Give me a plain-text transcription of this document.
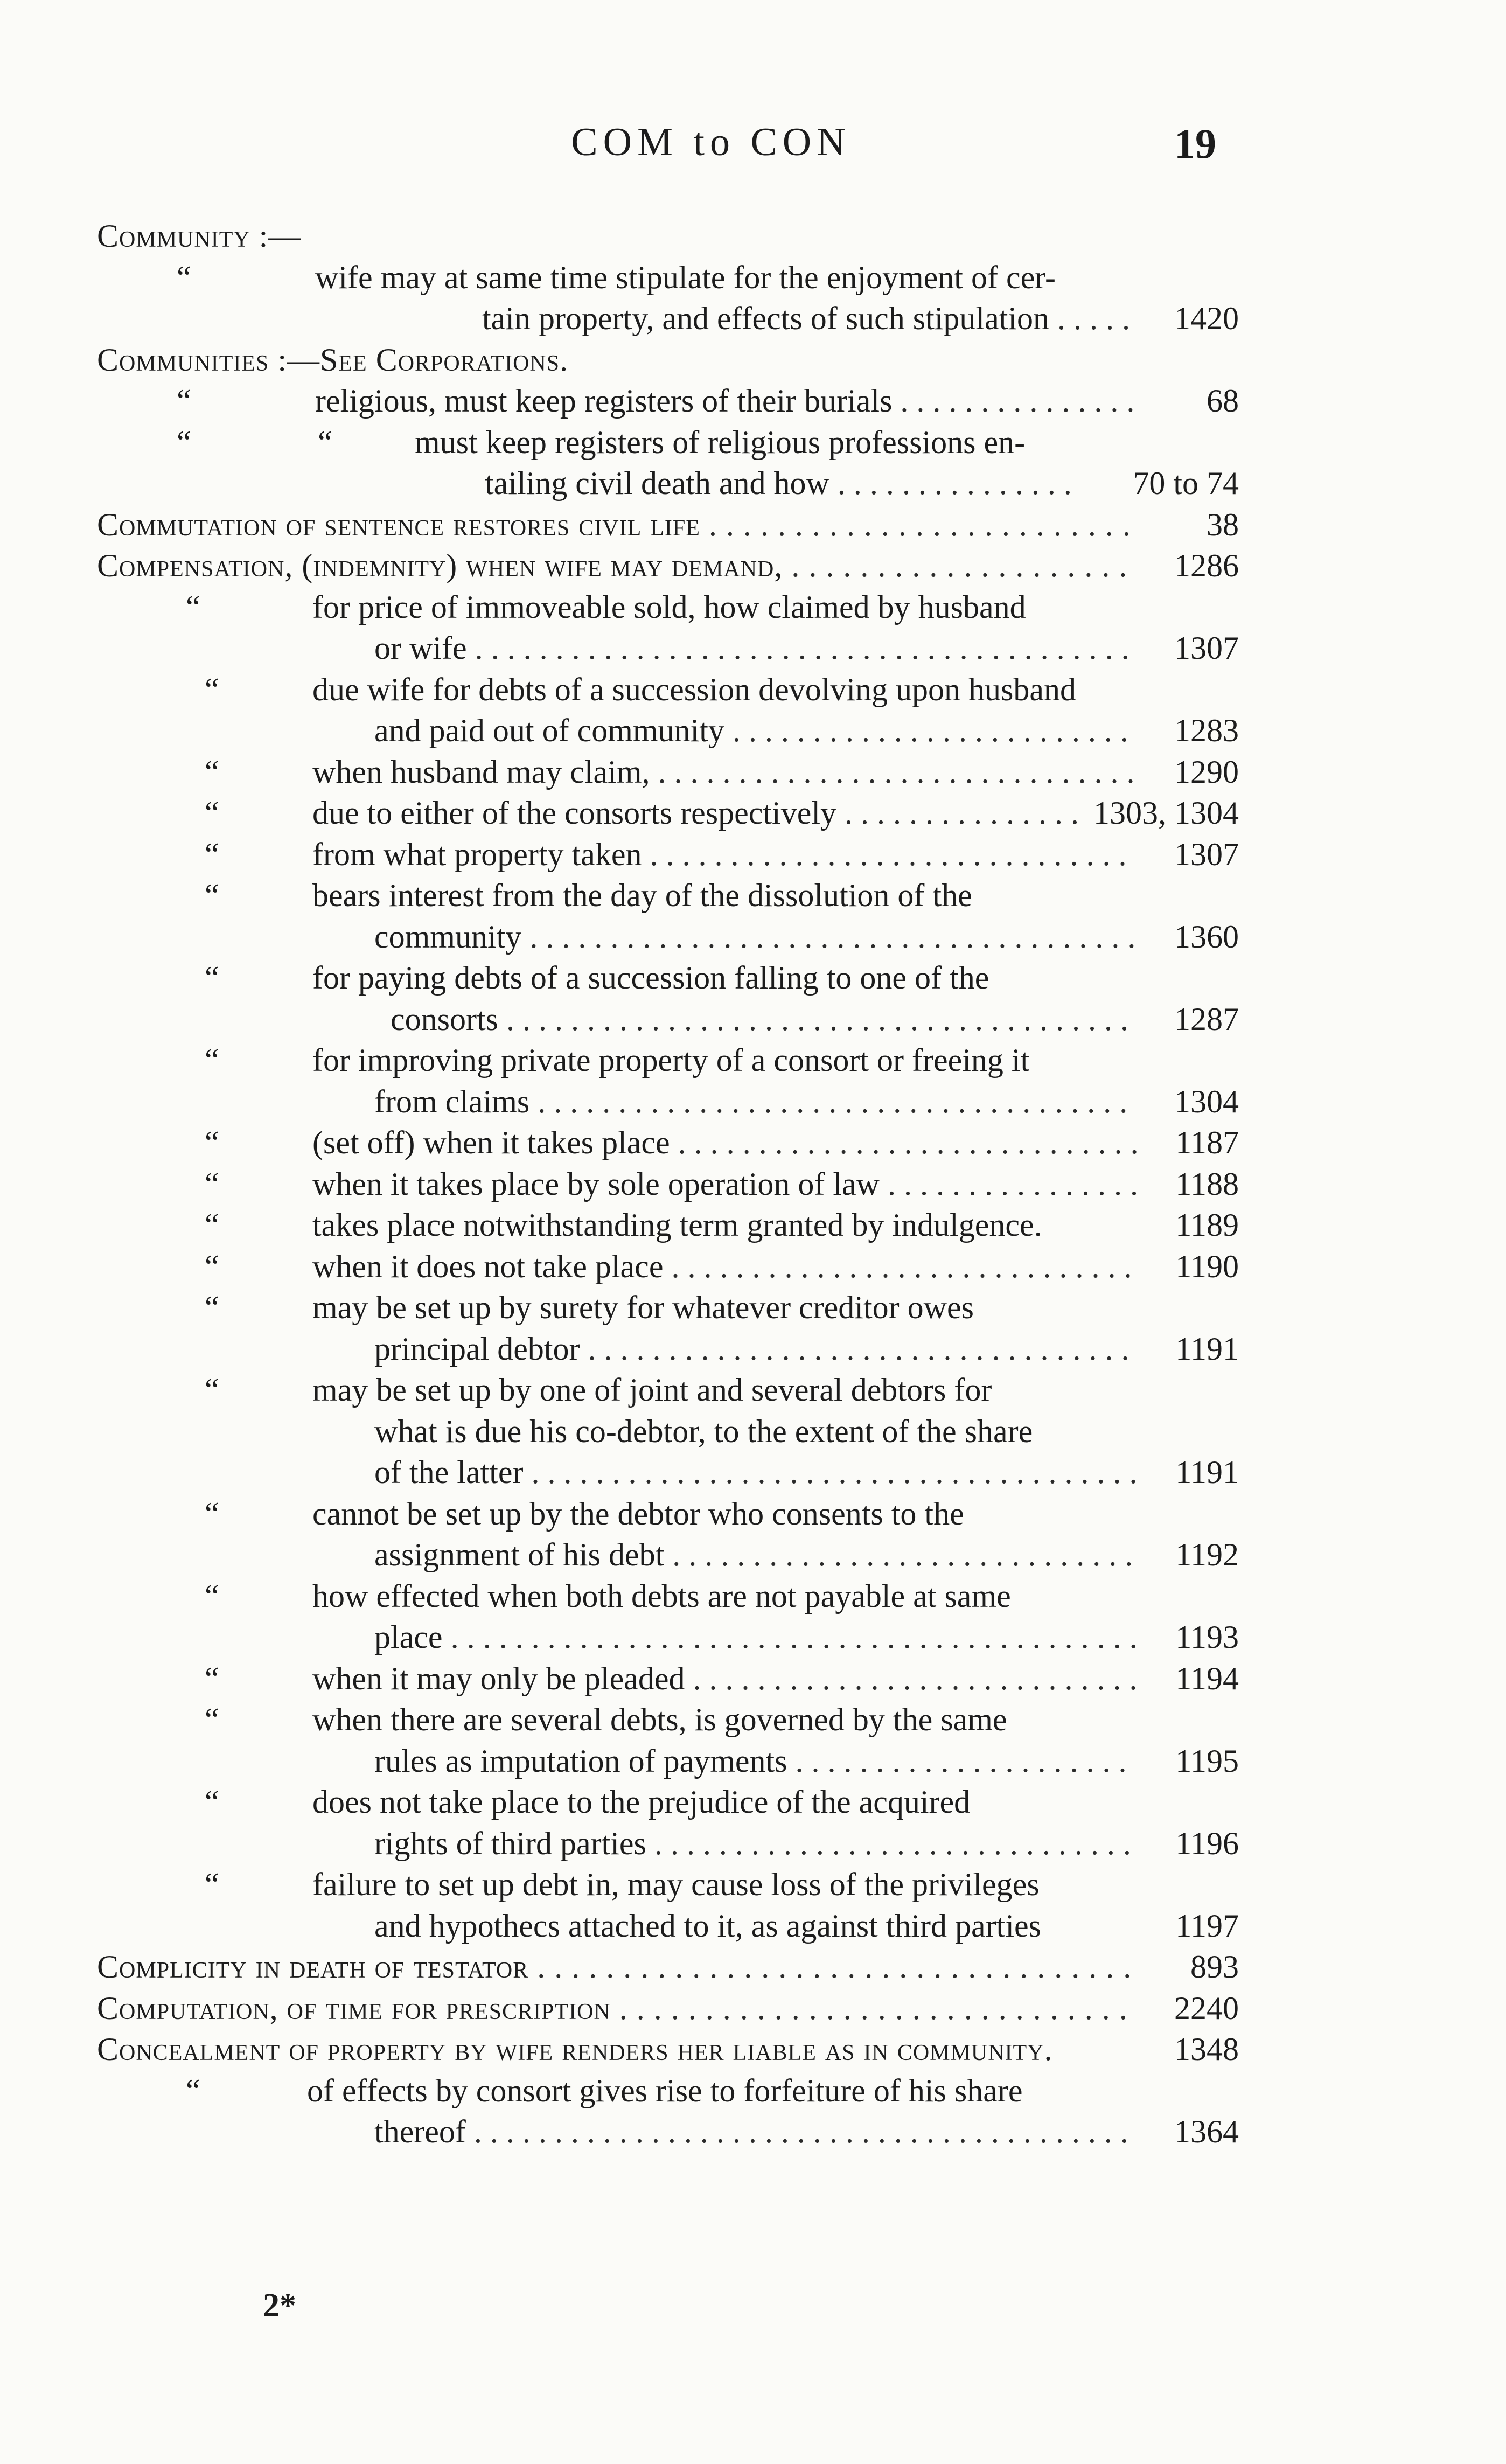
COM to CON	19
Community :—
“	wife may at same time stipulate for the enjoyment of cer-
tain property, and effects of such stipulation . . .	1420
Communities :—See Corporations.
“	religious, must keep registers of their burials . . .	68
“	“	must keep registers of religious professions en-
tailing civil death and how . . .	70 to 74
Commutation of sentence restores civil life . . .	38
Compensation, (indemnity) when wife may demand, . . .	1286
“	for price of immoveable sold, how claimed by husband
or wife . . .	1307
“	due wife for debts of a succession devolving upon husband
and paid out of community . . .	1283
“	when husband may claim, . . .	1290
“	due to either of the consorts respectively . . .	1303, 1304
“	from what property taken . . .	1307
“	bears interest from the day of the dissolution of the
community . . .	1360
“	for paying debts of a succession falling to one of the
consorts . . .	1287
“	for improving private property of a consort or freeing it
from claims . . .	1304
“	(set off) when it takes place . . .	1187
“	when it takes place by sole operation of law . . .	1188
“	takes place notwithstanding term granted by indulgence.	1189
“	when it does not take place . . .	1190
“	may be set up by surety for whatever creditor owes
principal debtor . . .	1191
“	may be set up by one of joint and several debtors for
what is due his co-debtor, to the extent of the share
of the latter . . .	1191
“	cannot be set up by the debtor who consents to the
assignment of his debt . . .	1192
“	how effected when both debts are not payable at same
place . . .	1193
“	when it may only be pleaded . . .	1194
“	when there are several debts, is governed by the same
rules as imputation of payments . . .	1195
“	does not take place to the prejudice of the acquired
rights of third parties . . .	1196
“	failure to set up debt in, may cause loss of the privileges
and hypothecs attached to it, as against third parties	1197
Complicity in death of testator . . .	893
Computation, of time for prescription . . .	2240
Concealment of property by wife renders her liable as in community.	1348
“	of effects by consort gives rise to forfeiture of his share
thereof . . .	1364
2*
